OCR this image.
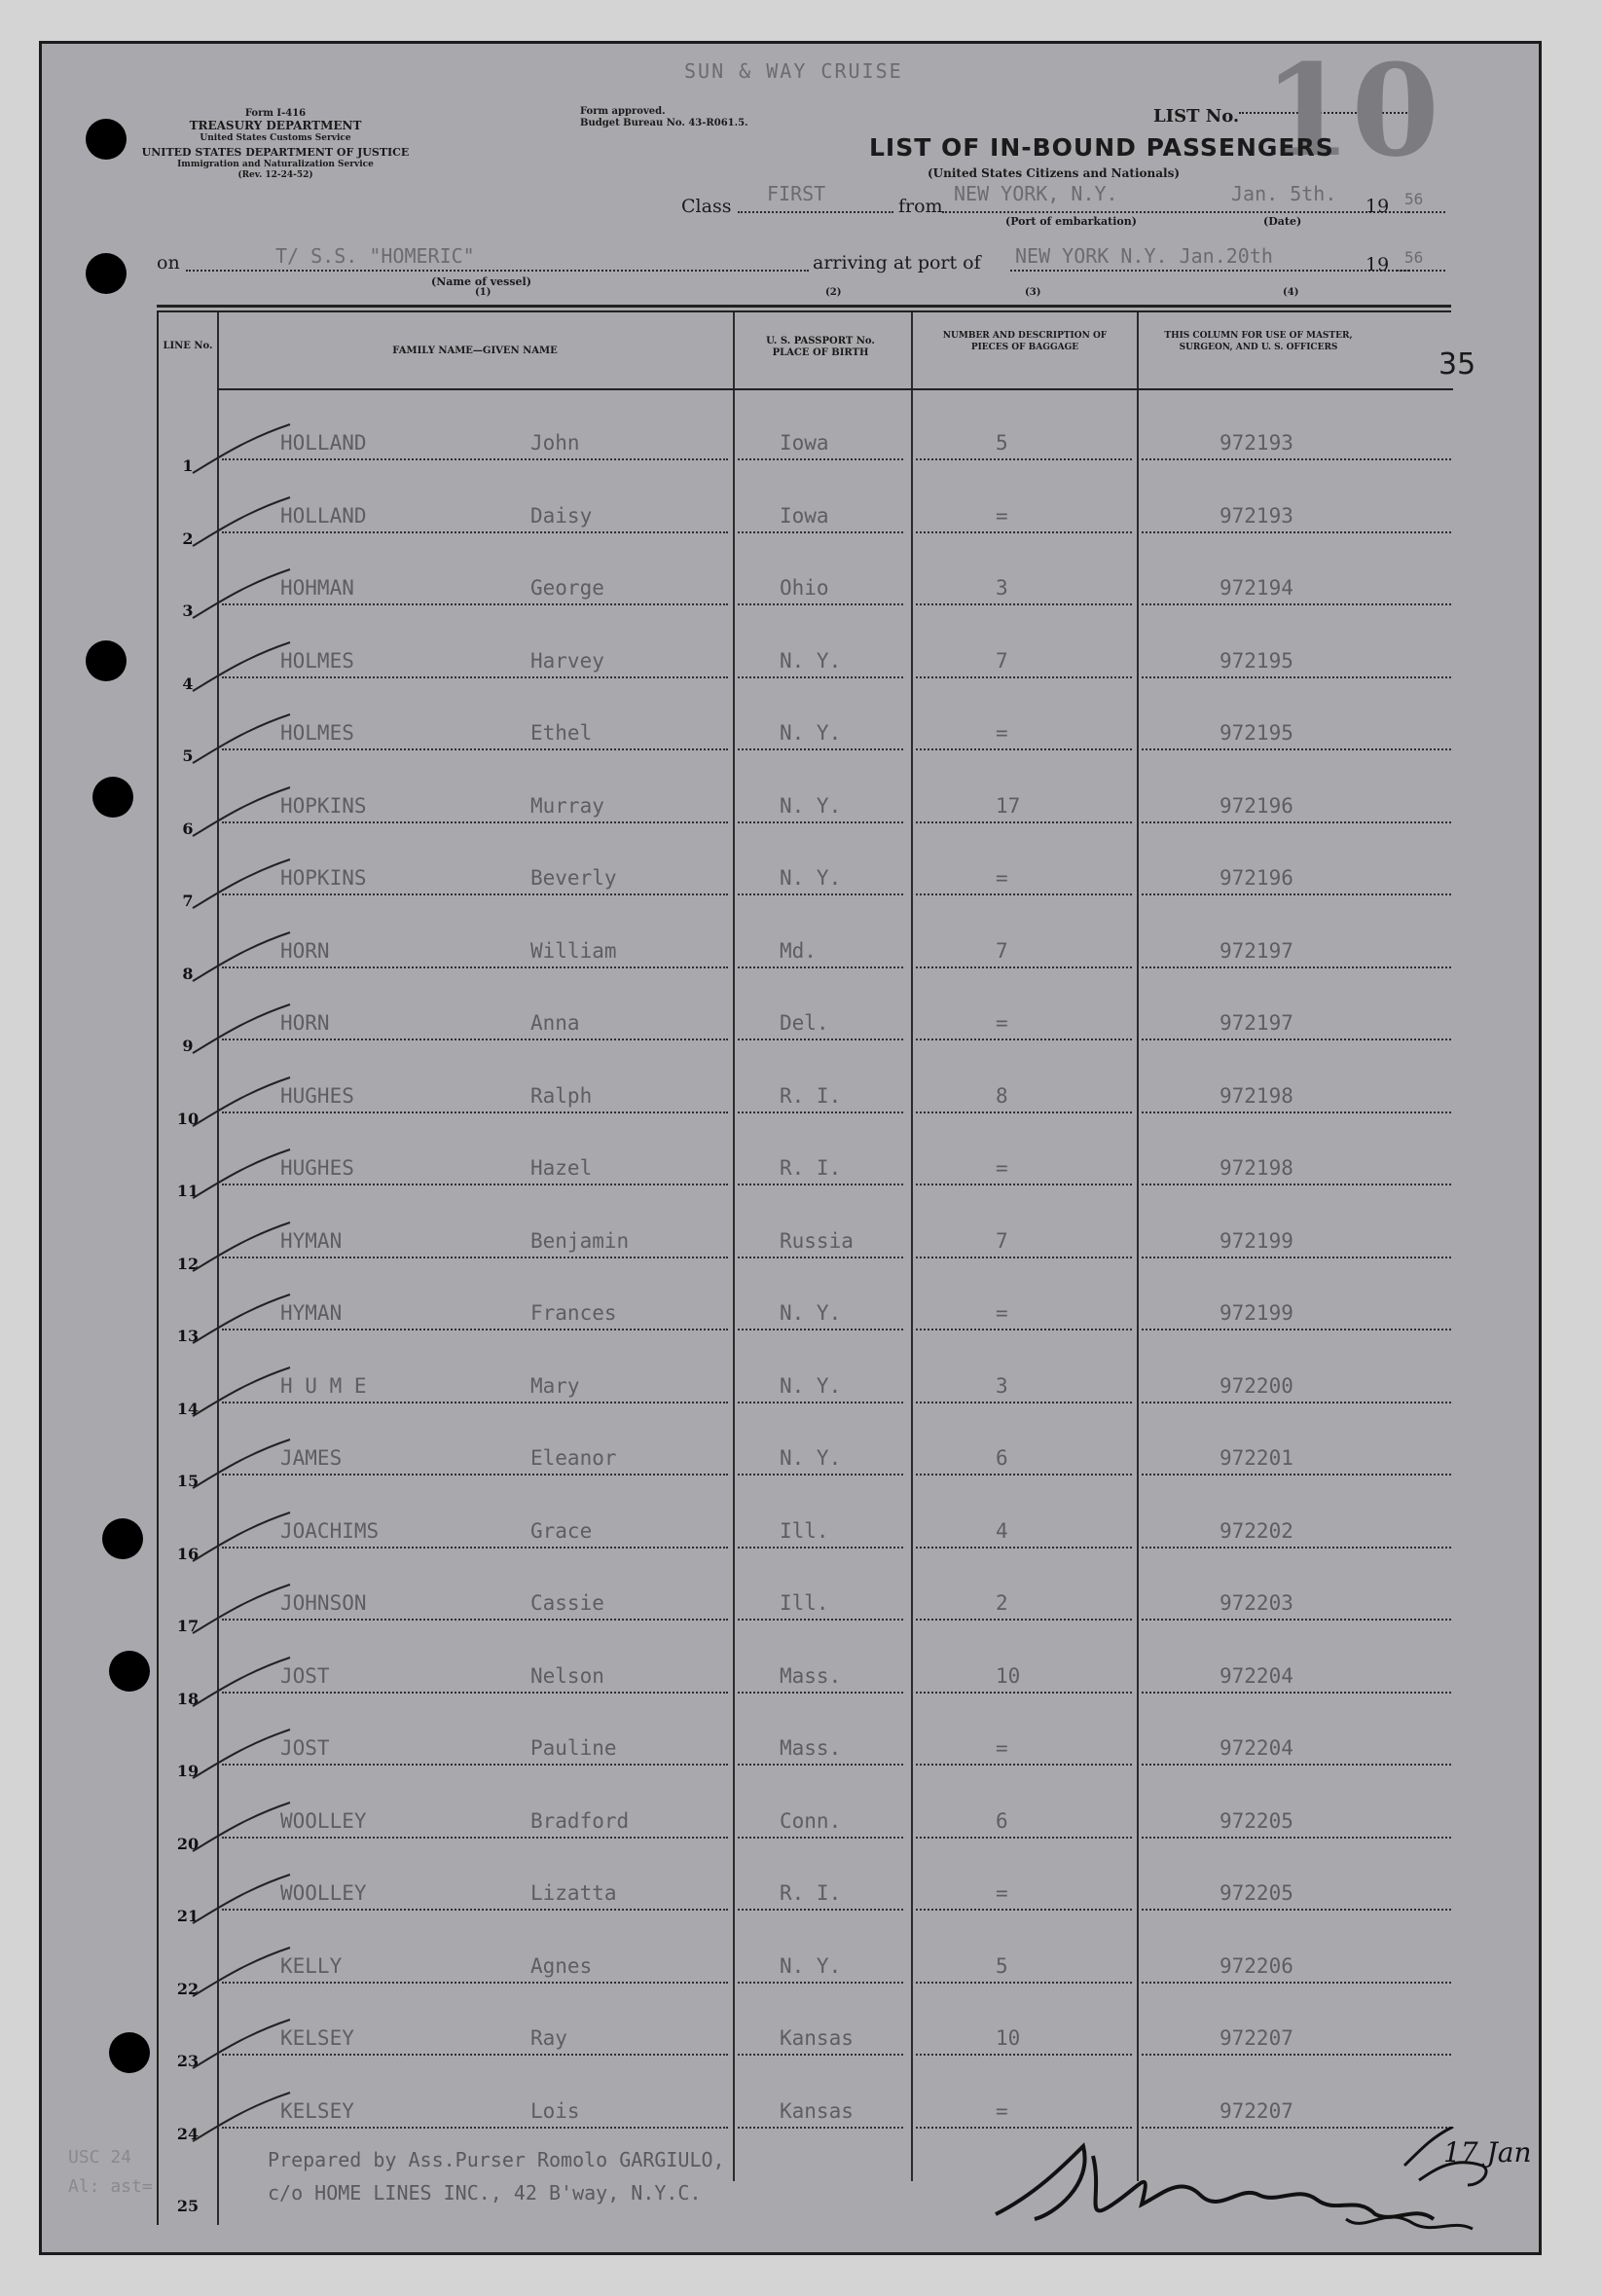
SUN & WAY CRUISE
Form I-416
TREASURY DEPARTMENT
United States Customs Service
UNITED STATES DEPARTMENT OF JUSTICE
Immigration and Naturalization Service
(Rev. 12-24-52)
Form approved.
Budget Bureau No. 43-R061.5.	LIST No. 10
LIST OF IN-BOUND PASSENGERS
(United States Citizens and Nationals)
Class
FIRST
from
NEW YORK, N.Y.	Jan. 5th.
(Port of embarkation)	(Date)
19 56
on	T/ S.S. "HOMERIC"
(Name of vessel)
(1)
arriving at port of NEW YORK N.Y. Jan.20th	19 56
(2)	(3)	(4)
LINE No.	FAMILY NAME—GIVEN NAME
U. S. PASSPORT No. PLACE OF BIRTH
NUMBER AND DESCRIPTION OF PIECES OF BAGGAGE
THIS COLUMN FOR USE OF MASTER, SURGEON, AND U. S. OFFICERS	35
1
HOLLAND	John	Iowa	5	972193
2
HOLLAND	Daisy	Iowa	=	972193
3
HOHMAN	George	Ohio	3	972194
4
HOLMES	Harvey	N. Y.	7	972195
5
HOLMES	Ethel	N. Y.	=	972195
6
HOPKINS	Murray	N. Y.	17	972196
7
HOPKINS	Beverly	N. Y.	=	972196
8
HORN	William	Md.	7	972197
9
HORN	Anna	Del.	=	972197
10
HUGHES	Ralph	R. I.	8	972198
11
HUGHES	Hazel	R. I.	=	972198
12
HYMAN	Benjamin	Russia	7	972199
13
HYMAN	Frances	N. Y.	=	972199
14
H U M E	Mary	N. Y.	3	972200
15
JAMES	Eleanor	N. Y.	6	972201
16
JOACHIMS	Grace	Ill.	4	972202
17
JOHNSON	Cassie	Ill.	2	972203
18
JOST	Nelson	Mass.	10	972204
19
JOST	Pauline	Mass.	=	972204
20
WOOLLEY	Bradford	Conn.	6	972205
21
WOOLLEY	Lizatta	R. I.	=	972205
22
KELLY	Agnes	N. Y.	5	972206
23
KELSEY	Ray	Kansas	10	972207
24
KELSEY	Lois	Kansas	=	972207
25
Prepared by Ass.Purser Romolo GARGIULO,
c/o HOME LINES INC., 42 B'way, N.Y.C.
17 Jan
USC 24
Al: ast=
